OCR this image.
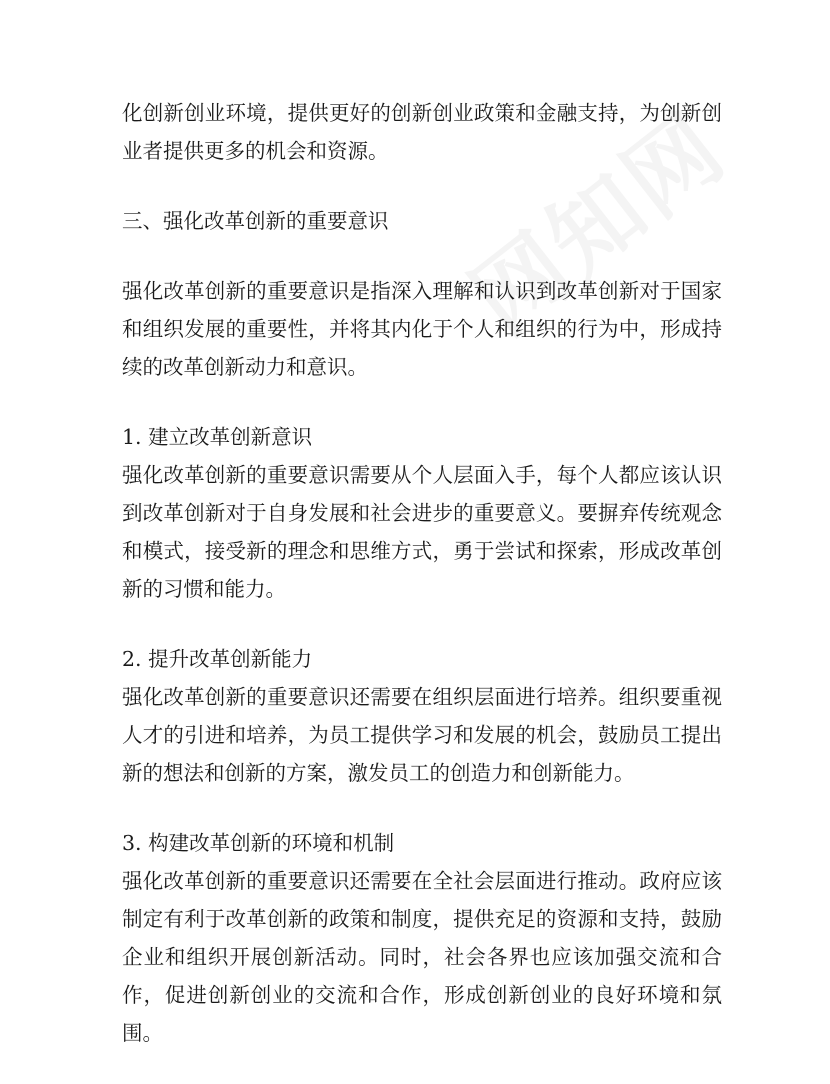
化创新创业环境，提供更好的创新创业政策和金融支持，为创新创业者提供更多的机会和资源。

三、强化改革创新的重要意识

强化改革创新的重要意识是指深入理解和认识到改革创新对于国家和组织发展的重要性，并将其内化于个人和组织的行为中，形成持续的改革创新动力和意识。

1. 建立改革创新意识

强化改革创新的重要意识需要从个人层面入手，每个人都应该认识到改革创新对于自身发展和社会进步的重要意义。要摒弃传统观念和模式，接受新的理念和思维方式，勇于尝试和探索，形成改革创新的习惯和能力。

2. 提升改革创新能力

强化改革创新的重要意识还需要在组织层面进行培养。组织要重视人才的引进和培养，为员工提供学习和发展的机会，鼓励员工提出新的想法和创新的方案，激发员工的创造力和创新能力。

3. 构建改革创新的环境和机制

强化改革创新的重要意识还需要在全社会层面进行推动。政府应该制定有利于改革创新的政策和制度，提供充足的资源和支持，鼓励企业和组织开展创新活动。同时，社会各界也应该加强交流和合作，促进创新创业的交流和合作，形成创新创业的良好环境和氛围。
